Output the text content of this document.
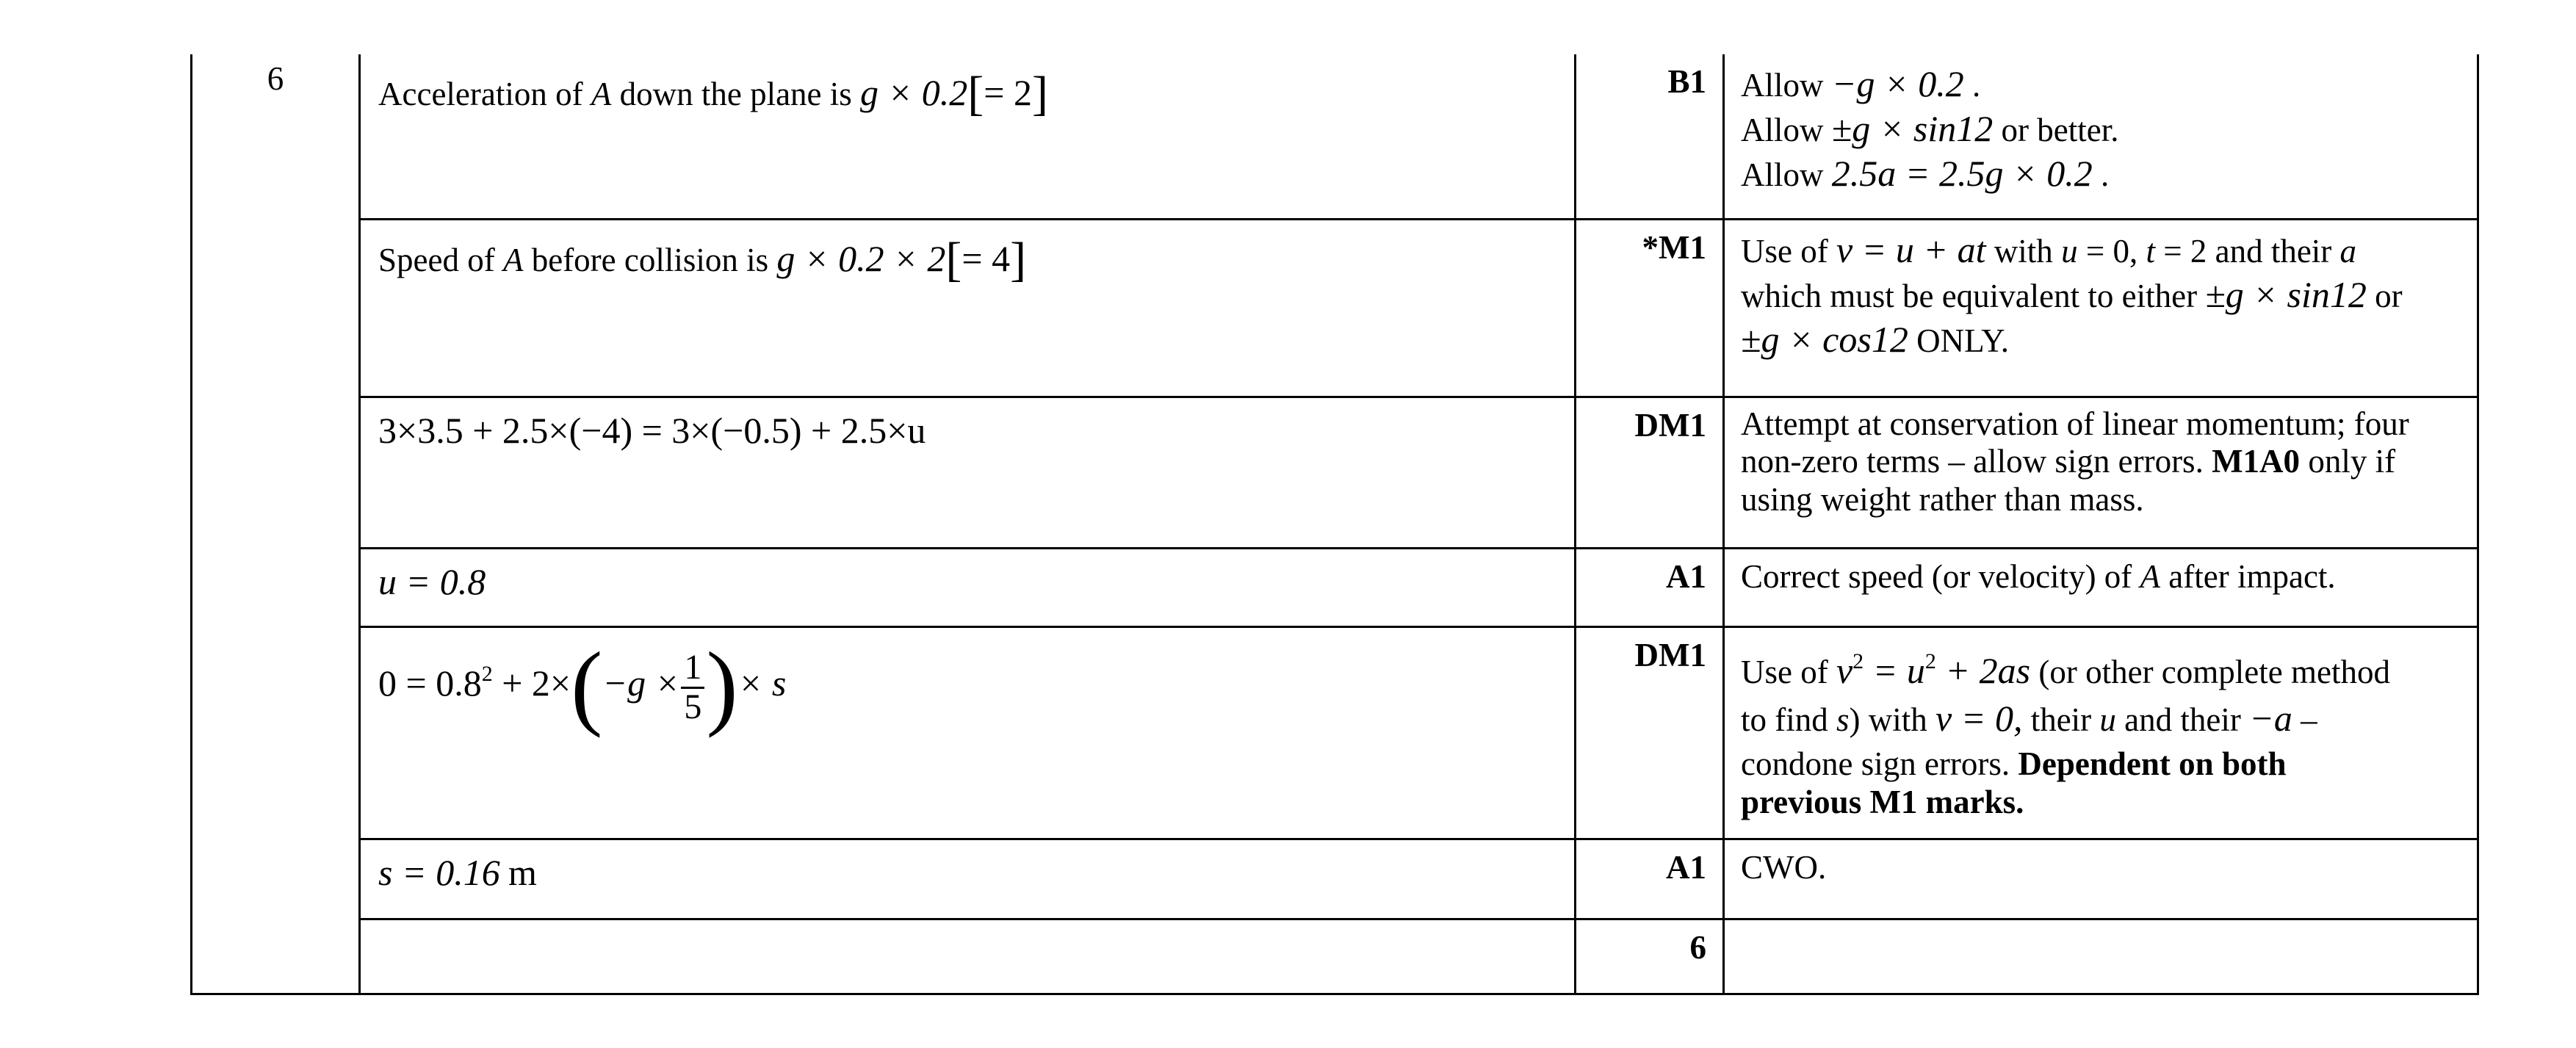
6	Acceleration of A down the plane is g × 0.2[= 2]	B1	Allow −g × 0.2 .
Allow ±g × sin12 or better.
Allow 2.5a = 2.5g × 0.2 .

	Speed of A before collision is g × 0.2 × 2[= 4]	*M1	Use of v = u + at with u = 0, t = 2 and their a
which must be equivalent to either ±g × sin12 or
±g × cos12 ONLY.

	3×3.5 + 2.5×(−4) = 3×(−0.5) + 2.5×u	DM1	Attempt at conservation of linear momentum; four non-zero terms – allow sign errors. M1A0 only if using weight rather than mass.
	u = 0.8	A1	Correct speed (or velocity) of A after impact.
	$0 = 0.8^2 + 2\times(-g \times \frac{1}{5}$ )× s	DM1	Use of $v^2 = u^2 + 2as$ (or other complete method
to find s) with v = 0, their u and their −a –
condone sign errors. Dependent on both
previous M1 marks.

	s = 0.16 m	A1	CWO.
		6	
